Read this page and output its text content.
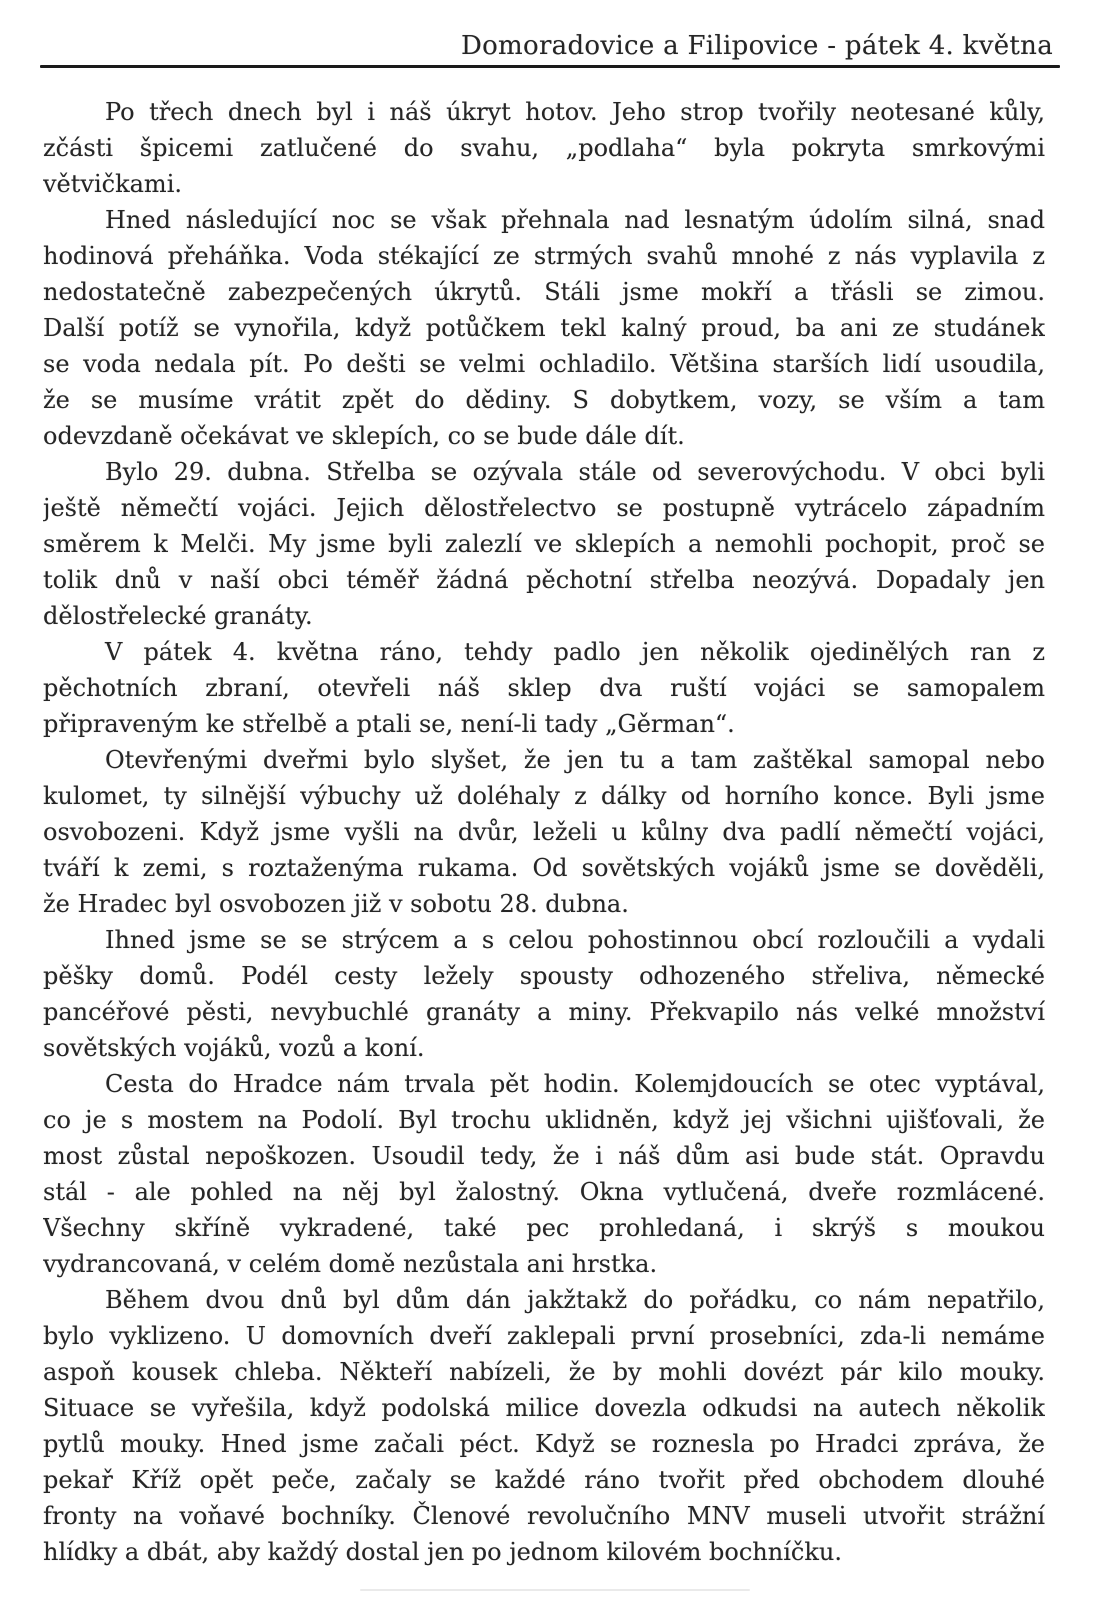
Domoradovice a Filipovice - pátek 4. května
Po třech dnech byl i náš úkryt hotov. Jeho strop tvořily neotesané kůly,
zčásti špicemi zatlučené do svahu, „podlaha“ byla pokryta smrkovými
větvičkami.
Hned následující noc se však přehnala nad lesnatým údolím silná, snad
hodinová přeháňka. Voda stékající ze strmých svahů mnohé z nás vyplavila z
nedostatečně zabezpečených úkrytů. Stáli jsme mokří a třásli se zimou.
Další potíž se vynořila, když potůčkem tekl kalný proud, ba ani ze studánek
se voda nedala pít. Po dešti se velmi ochladilo. Většina starších lidí usoudila,
že se musíme vrátit zpět do dědiny. S dobytkem, vozy, se vším a tam
odevzdaně očekávat ve sklepích, co se bude dále dít.
Bylo 29. dubna. Střelba se ozývala stále od severovýchodu. V obci byli
ještě němečtí vojáci. Jejich dělostřelectvo se postupně vytrácelo západním
směrem k Melči. My jsme byli zalezlí ve sklepích a nemohli pochopit, proč se
tolik dnů v naší obci téměř žádná pěchotní střelba neozývá. Dopadaly jen
dělostřelecké granáty.
V pátek 4. května ráno, tehdy padlo jen několik ojedinělých ran z
pěchotních zbraní, otevřeli náš sklep dva ruští vojáci se samopalem
připraveným ke střelbě a ptali se, není-li tady „Gěrman“.
Otevřenými dveřmi bylo slyšet, že jen tu a tam zaštěkal samopal nebo
kulomet, ty silnější výbuchy už doléhaly z dálky od horního konce. Byli jsme
osvobozeni. Když jsme vyšli na dvůr, leželi u kůlny dva padlí němečtí vojáci,
tváří k zemi, s roztaženýma rukama. Od sovětských vojáků jsme se dověděli,
že Hradec byl osvobozen již v sobotu 28. dubna.
Ihned jsme se se strýcem a s celou pohostinnou obcí rozloučili a vydali
pěšky domů. Podél cesty ležely spousty odhozeného střeliva, německé
pancéřové pěsti, nevybuchlé granáty a miny. Překvapilo nás velké množství
sovětských vojáků, vozů a koní.
Cesta do Hradce nám trvala pět hodin. Kolemjdoucích se otec vyptával,
co je s mostem na Podolí. Byl trochu uklidněn, když jej všichni ujišťovali, že
most zůstal nepoškozen. Usoudil tedy, že i náš dům asi bude stát. Opravdu
stál - ale pohled na něj byl žalostný. Okna vytlučená, dveře rozmlácené.
Všechny skříně vykradené, také pec prohledaná, i skrýš s moukou
vydrancovaná, v celém domě nezůstala ani hrstka.
Během dvou dnů byl dům dán jakžtakž do pořádku, co nám nepatřilo,
bylo vyklizeno. U domovních dveří zaklepali první prosebníci, zda-li nemáme
aspoň kousek chleba. Někteří nabízeli, že by mohli dovézt pár kilo mouky.
Situace se vyřešila, když podolská milice dovezla odkudsi na autech několik
pytlů mouky. Hned jsme začali péct. Když se roznesla po Hradci zpráva, že
pekař Kříž opět peče, začaly se každé ráno tvořit před obchodem dlouhé
fronty na voňavé bochníky. Členové revolučního MNV museli utvořit strážní
hlídky a dbát, aby každý dostal jen po jednom kilovém bochníčku.
